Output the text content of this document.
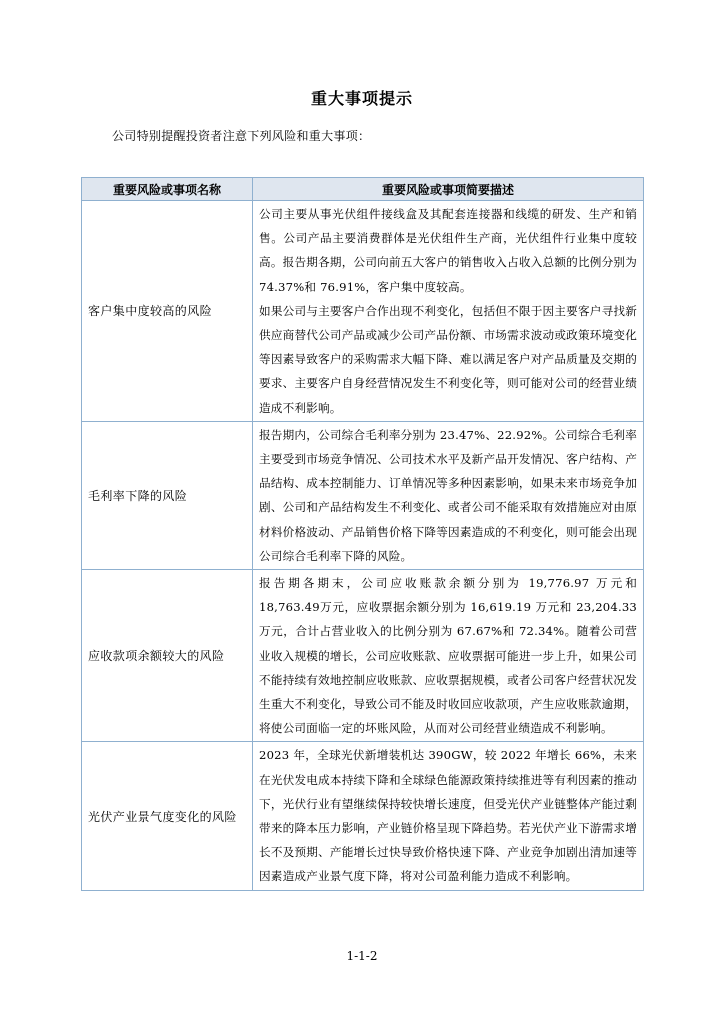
重大事项提示
公司特别提醒投资者注意下列风险和重大事项：
重要风险或事项名称	重要风险或事项简要描述
客户集中度较高的风险	公司主要从事光伏组件接线盒及其配套连接器和线缆的研发、生产和销售。公司产品主要消费群体是光伏组件生产商，光伏组件行业集中度较高。报告期各期，公司向前五大客户的销售收入占收入总额的比例分别为 74.37%和 76.91%，客户集中度较高。

如果公司与主要客户合作出现不利变化，包括但不限于因主要客户寻找新供应商替代公司产品或减少公司产品份额、市场需求波动或政策环境变化等因素导致客户的采购需求大幅下降、难以满足客户对产品质量及交期的要求、主要客户自身经营情况发生不利变化等，则可能对公司的经营业绩造成不利影响。

毛利率下降的风险	报告期内，公司综合毛利率分别为 23.47%、22.92%。公司综合毛利率主要受到市场竞争情况、公司技术水平及新产品开发情况、客户结构、产品结构、成本控制能力、订单情况等多种因素影响，如果未来市场竞争加剧、公司和产品结构发生不利变化、或者公司不能采取有效措施应对由原材料价格波动、产品销售价格下降等因素造成的不利变化，则可能会出现公司综合毛利率下降的风险。

应收款项余额较大的风险	报告期各期末，公司应收账款余额分别为 19,776.97 万元和 18,763.49万元，应收票据余额分别为 16,619.19 万元和 23,204.33 万元，合计占营业收入的比例分别为 67.67%和 72.34%。随着公司营业收入规模的增长，公司应收账款、应收票据可能进一步上升，如果公司不能持续有效地控制应收账款、应收票据规模，或者公司客户经营状况发生重大不利变化，导致公司不能及时收回应收款项，产生应收账款逾期，将使公司面临一定的坏账风险，从而对公司经营业绩造成不利影响。

光伏产业景气度变化的风险	2023 年，全球光伏新增装机达 390GW，较 2022 年增长 66%，未来在光伏发电成本持续下降和全球绿色能源政策持续推进等有利因素的推动下，光伏行业有望继续保持较快增长速度，但受光伏产业链整体产能过剩带来的降本压力影响，产业链价格呈现下降趋势。若光伏产业下游需求增长不及预期、产能增长过快导致价格快速下降、产业竞争加剧出清加速等因素造成产业景气度下降，将对公司盈利能力造成不利影响。

1-1-2
